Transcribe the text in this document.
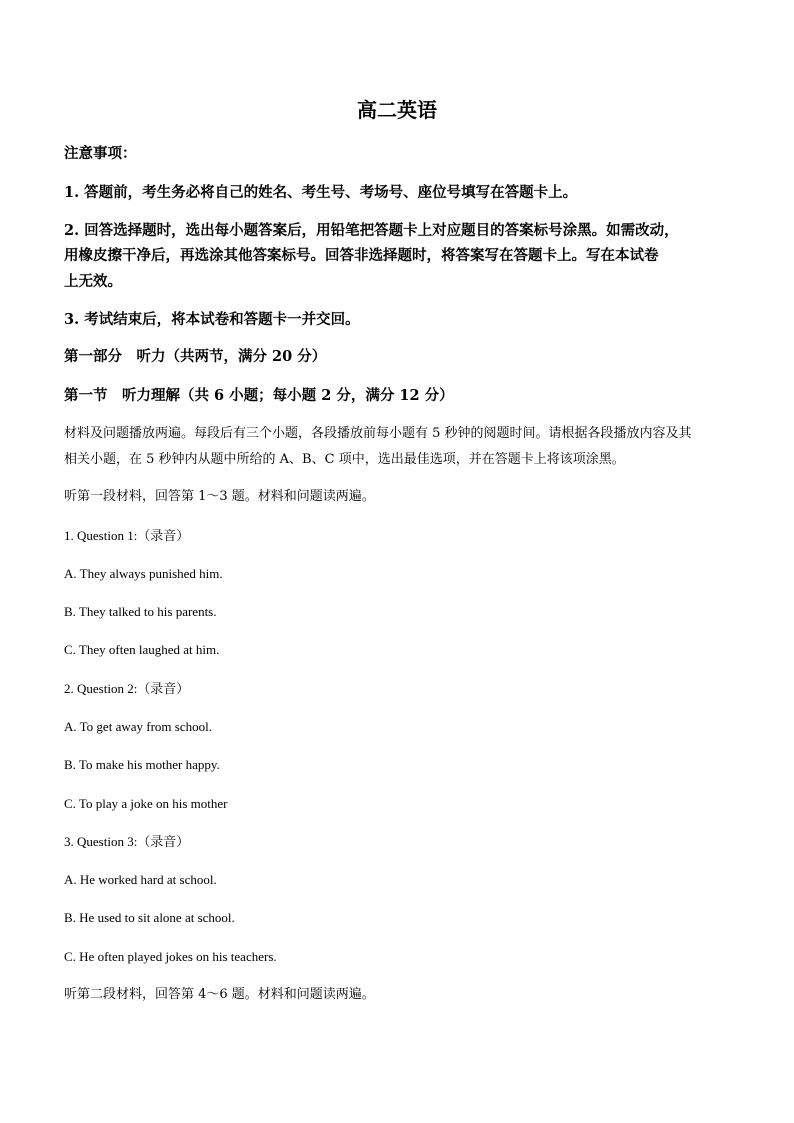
高二英语

注意事项：

1. 答题前，考生务必将自己的姓名、考生号、考场号、座位号填写在答题卡上。

2. 回答选择题时，选出每小题答案后，用铅笔把答题卡上对应题目的答案标号涂黑。如需改动，

用橡皮擦干净后，再选涂其他答案标号。回答非选择题时，将答案写在答题卡上。写在本试卷

上无效。

3. 考试结束后，将本试卷和答题卡一并交回。

第一部分　听力（共两节，满分 20 分）

第一节　听力理解（共 6 小题；每小题 2 分，满分 12 分）

材料及问题播放两遍。每段后有三个小题，各段播放前每小题有 5 秒钟的阅题时间。请根据各段播放内容及其

相关小题，在 5 秒钟内从题中所给的 A、B、C 项中，选出最佳选项，并在答题卡上将该项涂黑。

听第一段材料，回答第 1～3 题。材料和问题读两遍。

1. Question 1:（录音）

A. They always punished him.

B. They talked to his parents.

C. They often laughed at him.

2. Question 2:（录音）

A. To get away from school.

B. To make his mother happy.

C. To play a joke on his mother

3. Question 3:（录音）

A. He worked hard at school.

B. He used to sit alone at school.

C. He often played jokes on his teachers.

听第二段材料，回答第 4～6 题。材料和问题读两遍。
